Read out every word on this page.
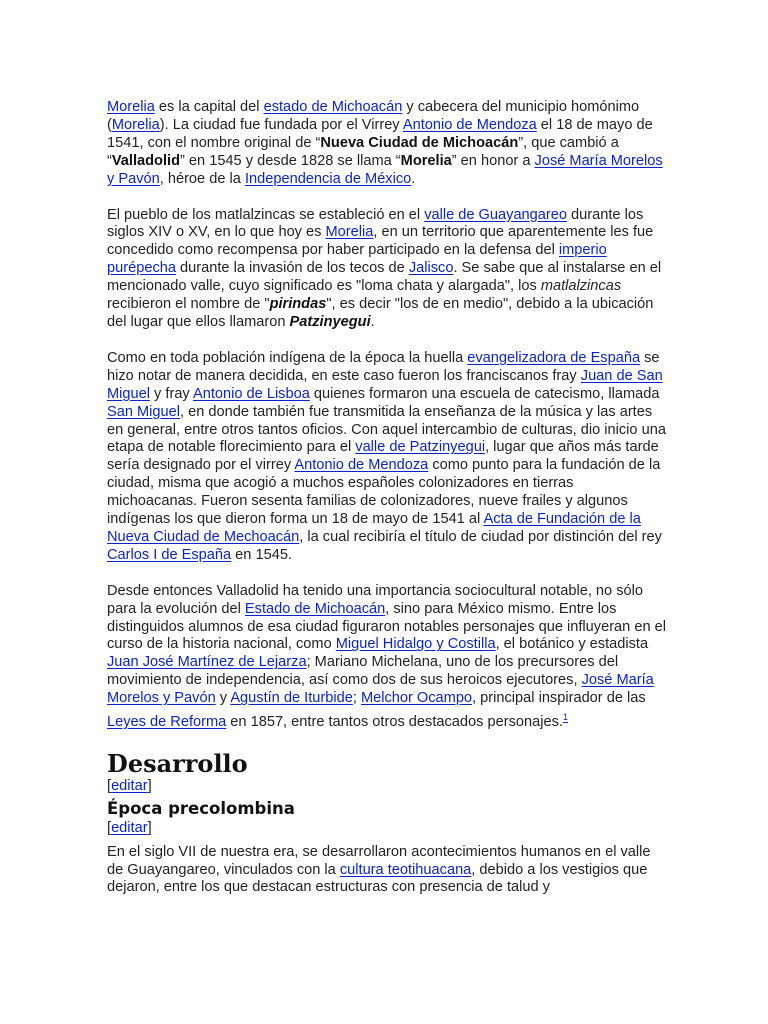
Morelia es la capital del estado de Michoacán y cabecera del municipio homónimo (Morelia). La ciudad fue fundada por el Virrey Antonio de Mendoza el 18 de mayo de 1541, con el nombre original de “Nueva Ciudad de Michoacán”, que cambió a “Valladolid” en 1545 y desde 1828 se llama “Morelia” en honor a José María Morelos y Pavón, héroe de la Independencia de México.

El pueblo de los matlalzincas se estableció en el valle de Guayangareo durante los siglos XIV o XV, en lo que hoy es Morelia, en un territorio que aparentemente les fue concedido como recompensa por haber participado en la defensa del imperio purépecha durante la invasión de los tecos de Jalisco. Se sabe que al instalarse en el mencionado valle, cuyo significado es "loma chata y alargada", los matlalzincas recibieron el nombre de "pirindas", es decir "los de en medio", debido a la ubicación del lugar que ellos llamaron Patzinyegui.

Como en toda población indígena de la época la huella evangelizadora de España se hizo notar de manera decidida, en este caso fueron los franciscanos fray Juan de San Miguel y fray Antonio de Lisboa quienes formaron una escuela de catecismo, llamada San Miguel, en donde también fue transmitida la enseñanza de la música y las artes en general, entre otros tantos oficios. Con aquel intercambio de culturas, dio inicio una etapa de notable florecimiento para el valle de Patzinyegui, lugar que años más tarde sería designado por el virrey Antonio de Mendoza como punto para la fundación de la ciudad, misma que acogió a muchos españoles colonizadores en tierras michoacanas. Fueron sesenta familias de colonizadores, nueve frailes y algunos indígenas los que dieron forma un 18 de mayo de 1541 al Acta de Fundación de la Nueva Ciudad de Mechoacán, la cual recibiría el título de ciudad por distinción del rey Carlos I de España en 1545.

Desde entonces Valladolid ha tenido una importancia sociocultural notable, no sólo para la evolución del Estado de Michoacán, sino para México mismo. Entre los distinguidos alumnos de esa ciudad figuraron notables personajes que influyeran en el curso de la historia nacional, como Miguel Hidalgo y Costilla, el botánico y estadista Juan José Martínez de Lejarza; Mariano Michelana, uno de los precursores del movimiento de independencia, así como dos de sus heroicos ejecutores, José María Morelos y Pavón y Agustín de Iturbide; Melchor Ocampo, principal inspirador de las Leyes de Reforma en 1857, entre tantos otros destacados personajes.$^1$

Desarrollo
[editar]
Época precolombina
[editar]

En el siglo VII de nuestra era, se desarrollaron acontecimientos humanos en el valle de Guayangareo, vinculados con la cultura teotihuacana, debido a los vestigios que dejaron, entre los que destacan estructuras con presencia de talud y
